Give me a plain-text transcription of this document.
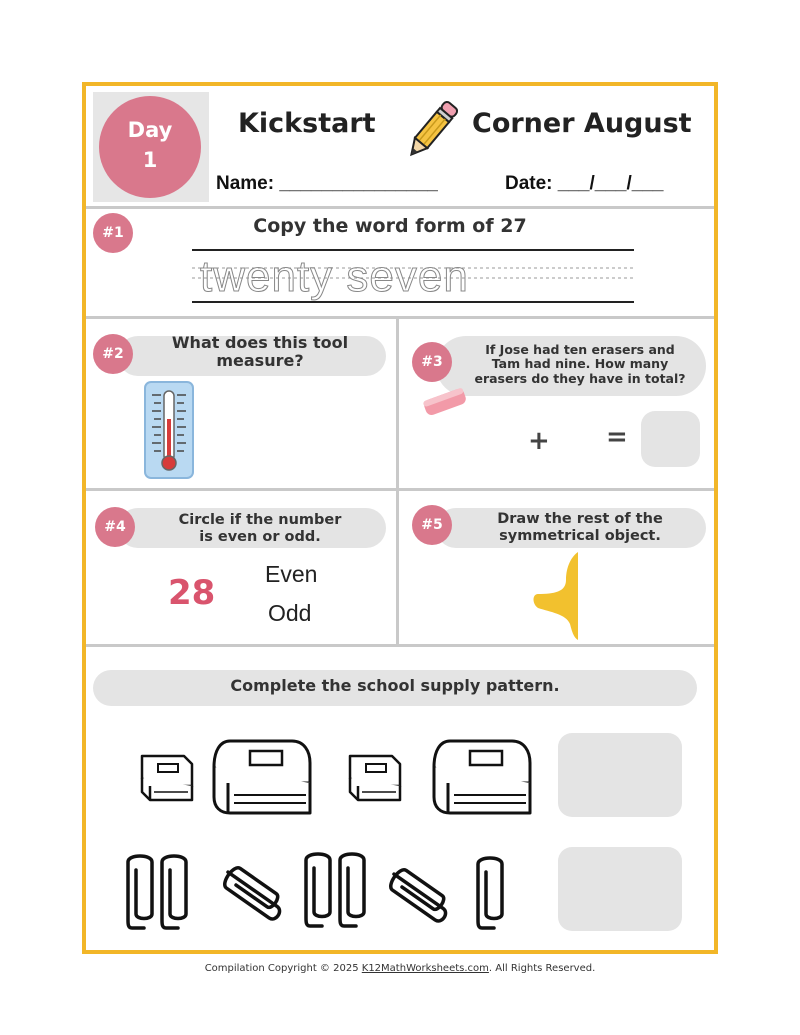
Day
1
Kickstart	Corner August
Name: _______________	Date: ___/___/___
#1	Copy the word form of 27
twenty seven
#2
What does this tool
measure?	#3
If Jose had ten erasers and
Tam had nine. How many
erasers do they have in total?
+ =
#4	Circle if the number
is even or odd.
28 Even
Odd
#5	Draw the rest of the
symmetrical object.
Complete the school supply pattern.
Compilation Copyright © 2025 K12MathWorksheets.com. All Rights Reserved.
